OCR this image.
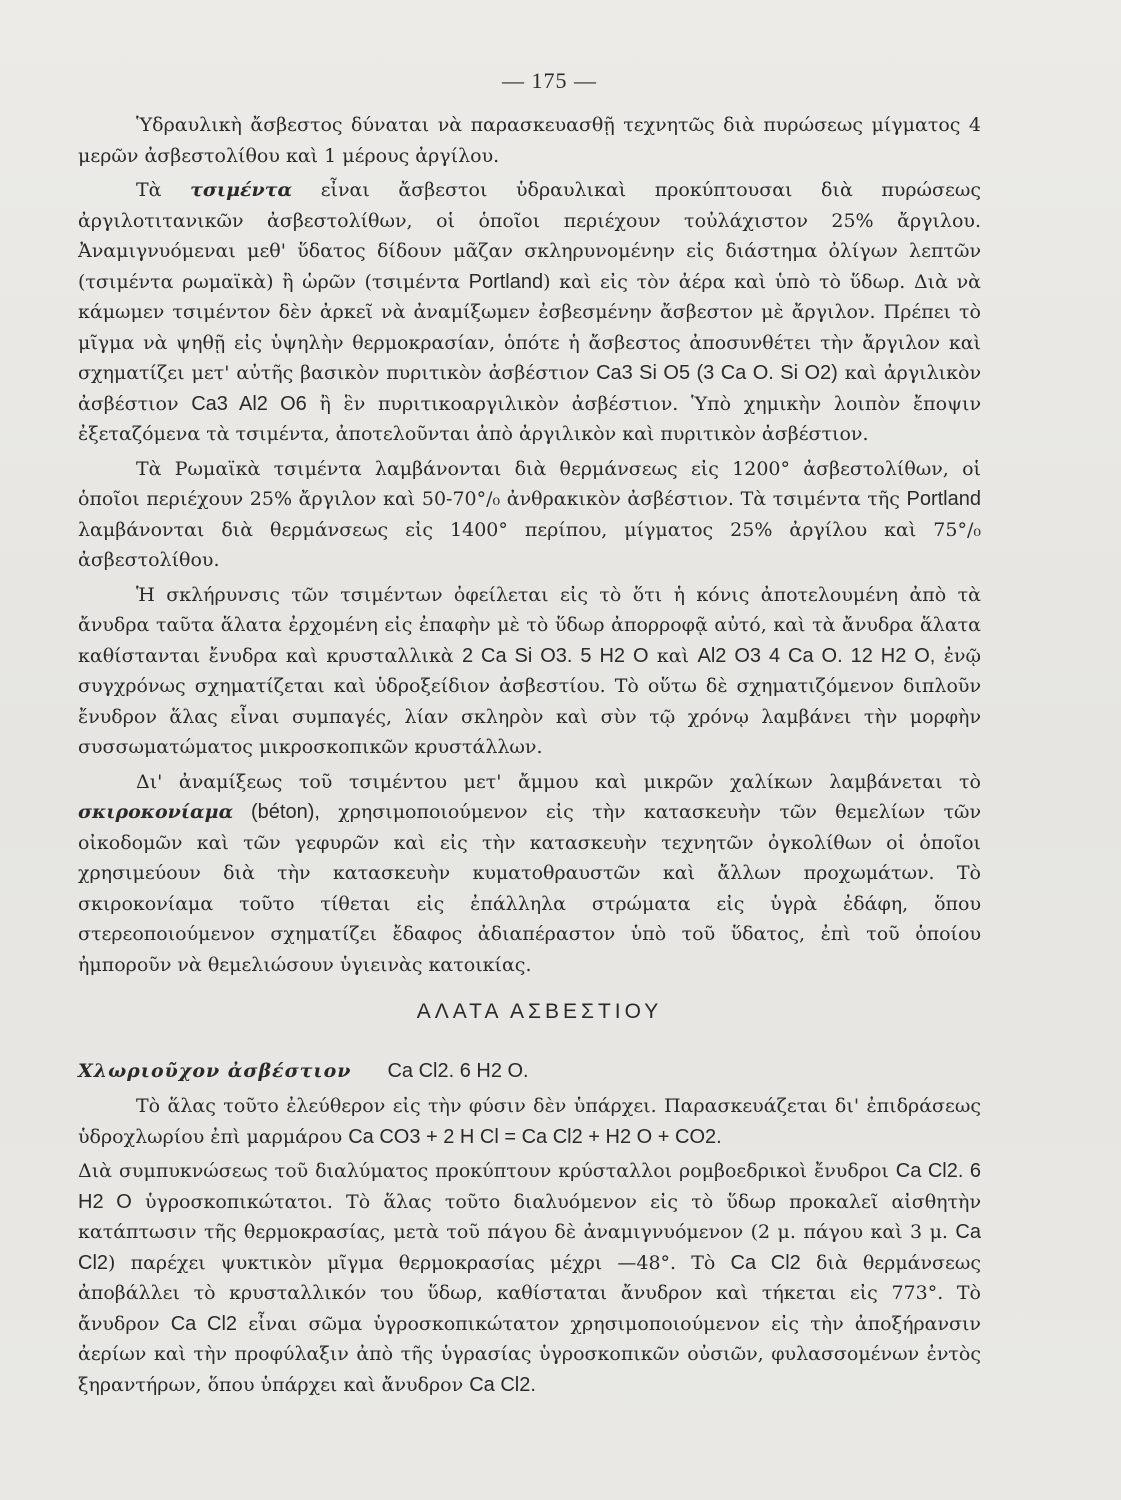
— 175 —

Ὑδραυλικὴ ἄσβεστος δύναται νὰ παρασκευασθῇ τεχνητῶς διὰ πυρώσεως μίγματος 4 μερῶν ἀσβεστολίθου καὶ 1 μέρους ἀργίλου.

Τὰ τσιμέντα εἶναι ἄσβεστοι ὑδραυλικαὶ προκύπτουσαι διὰ πυρώσεως ἀργιλοτιτανικῶν ἀσβεστολίθων, οἱ ὁποῖοι περιέχουν τοὐλάχιστον 25% ἄργιλου. Ἀναμιγνυόμεναι μεθ' ὕδατος δίδουν μᾶζαν σκληρυνομένην εἰς διάστημα ὀλίγων λεπτῶν (τσιμέντα ρωμαϊκὰ) ἢ ὡρῶν (τσιμέντα Portland) καὶ εἰς τὸν ἀέρα καὶ ὑπὸ τὸ ὕδωρ. Διὰ νὰ κάμωμεν τσιμέντον δὲν ἀρκεῖ νὰ ἀναμίξωμεν ἐσβεσμένην ἄσβεστον μὲ ἄργιλον. Πρέπει τὸ μῖγμα νὰ ψηθῇ εἰς ὑψηλὴν θερμοκρασίαν, ὁπότε ἡ ἄσβεστος ἀποσυνθέτει τὴν ἄργιλον καὶ σχηματίζει μετ' αὐτῆς βασικὸν πυριτικὸν ἀσβέστιον Ca3 Si O5 (3 Ca O. Si O2) καὶ ἀργιλικὸν ἀσβέστιον Ca3 Al2 O6 ἢ ἓν πυριτικοαργιλικὸν ἀσβέστιον. Ὑπὸ χημικὴν λοιπὸν ἔποψιν ἐξεταζόμενα τὰ τσιμέντα, ἀποτελοῦνται ἀπὸ ἀργιλικὸν καὶ πυριτικὸν ἀσβέστιον.

Τὰ Ρωμαϊκὰ τσιμέντα λαμβάνονται διὰ θερμάνσεως εἰς 1200° ἀσβεστολίθων, οἱ ὁποῖοι περιέχουν 25% ἄργιλον καὶ 50-70°/₀ ἀνθρακικὸν ἀσβέστιον. Τὰ τσιμέντα τῆς Portland λαμβάνονται διὰ θερμάνσεως εἰς 1400° περίπου, μίγματος 25% ἀργίλου καὶ 75°/₀ ἀσβεστολίθου.

Ἡ σκλήρυνσις τῶν τσιμέντων ὀφείλεται εἰς τὸ ὅτι ἡ κόνις ἀποτελουμένη ἀπὸ τὰ ἄνυδρα ταῦτα ἅλατα ἐρχομένη εἰς ἐπαφὴν μὲ τὸ ὕδωρ ἀπορροφᾷ αὐτό, καὶ τὰ ἄνυδρα ἅλατα καθίστανται ἔνυδρα καὶ κρυσταλλικὰ 2 Ca Si O3. 5 H2 O καὶ Al2 O3 4 Ca O. 12 H2 O, ἐνῷ συγχρόνως σχηματίζεται καὶ ὑδροξείδιον ἀσβεστίου. Τὸ οὕτω δὲ σχηματιζόμενον διπλοῦν ἔνυδρον ἅλας εἶναι συμπαγές, λίαν σκληρὸν καὶ σὺν τῷ χρόνῳ λαμβάνει τὴν μορφὴν συσσωματώματος μικροσκοπικῶν κρυστάλλων.

Δι' ἀναμίξεως τοῦ τσιμέντου μετ' ἄμμου καὶ μικρῶν χαλίκων λαμβάνεται τὸ σκιροκονίαμα (béton), χρησιμοποιούμενον εἰς τὴν κατασκευὴν τῶν θεμελίων τῶν οἰκοδομῶν καὶ τῶν γεφυρῶν καὶ εἰς τὴν κατασκευὴν τεχνητῶν ὀγκολίθων οἱ ὁποῖοι χρησιμεύουν διὰ τὴν κατασκευὴν κυματοθραυστῶν καὶ ἄλλων προχωμάτων. Τὸ σκιροκονίαμα τοῦτο τίθεται εἰς ἐπάλληλα στρώματα εἰς ὑγρὰ ἐδάφη, ὅπου στερεοποιούμενον σχηματίζει ἔδαφος ἀδιαπέραστον ὑπὸ τοῦ ὕδατος, ἐπὶ τοῦ ὁποίου ἠμποροῦν νὰ θεμελιώσουν ὑγιεινὰς κατοικίας.

ΑΛΑΤΑ ΑΣΒΕΣΤΙΟΥ
Χλωριοῦχον ἀσβέστιον Ca Cl2. 6 H2 O.

Τὸ ἅλας τοῦτο ἐλεύθερον εἰς τὴν φύσιν δὲν ὑπάρχει. Παρασκευάζεται δι' ἐπιδράσεως ὑδροχλωρίου ἐπὶ μαρμάρου Ca CO3 + 2 H Cl = Ca Cl2 + H2 O + CO2.

Διὰ συμπυκνώσεως τοῦ διαλύματος προκύπτουν κρύσταλλοι ρομβοεδρικοὶ ἔνυδροι Ca Cl2. 6 H2 O ὑγροσκοπικώτατοι. Τὸ ἅλας τοῦτο διαλυόμενον εἰς τὸ ὕδωρ προκαλεῖ αἰσθητὴν κατάπτωσιν τῆς θερμοκρασίας, μετὰ τοῦ πάγου δὲ ἀναμιγνυόμενον (2 μ. πάγου καὶ 3 μ. Ca Cl2) παρέχει ψυκτικὸν μῖγμα θερμοκρασίας μέχρι —48°. Τὸ Ca Cl2 διὰ θερμάνσεως ἀποβάλλει τὸ κρυσταλλικόν του ὕδωρ, καθίσταται ἄνυδρον καὶ τήκεται εἰς 773°. Τὸ ἄνυδρον Ca Cl2 εἶναι σῶμα ὑγροσκοπικώτατον χρησιμοποιούμενον εἰς τὴν ἀποξήρανσιν ἀερίων καὶ τὴν προφύλαξιν ἀπὸ τῆς ὑγρασίας ὑγροσκοπικῶν οὐσιῶν, φυλασσομένων ἐντὸς ξηραντήρων, ὅπου ὑπάρχει καὶ ἄνυδρον Ca Cl2.
